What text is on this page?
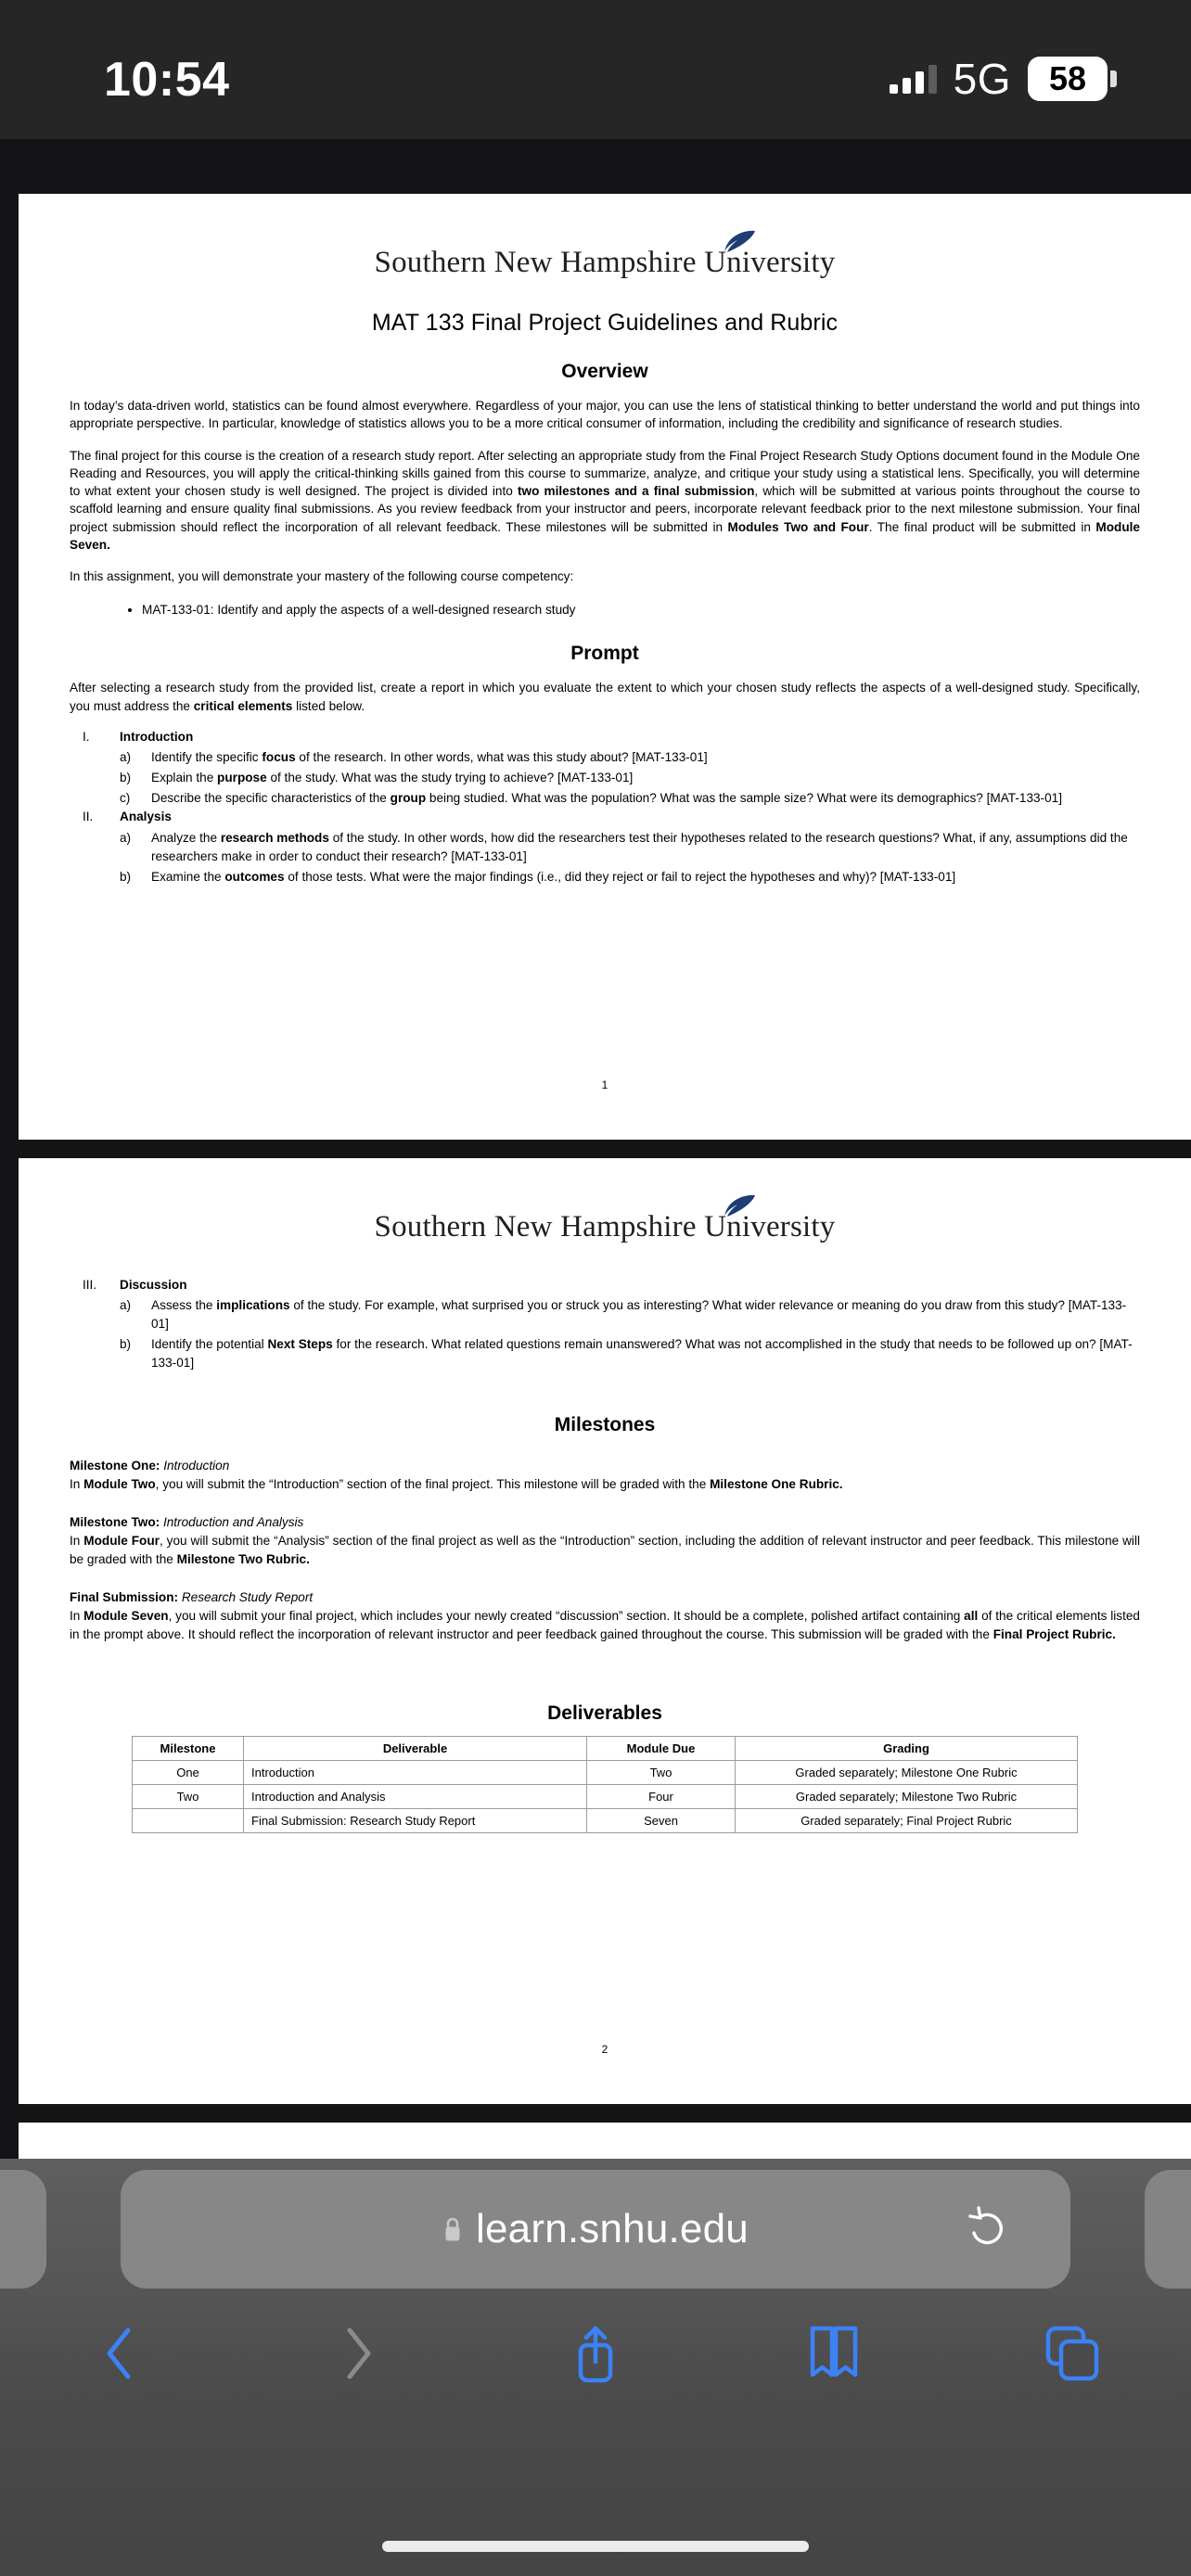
10:54	5G	58
Southern New Hampshire University
MAT 133 Final Project Guidelines and Rubric
Overview

In today’s data-driven world, statistics can be found almost everywhere. Regardless of your major, you can use the lens of statistical thinking to better understand the world and put things into appropriate perspective. In particular, knowledge of statistics allows you to be a more critical consumer of information, including the credibility and significance of research studies.

The final project for this course is the creation of a research study report. After selecting an appropriate study from the Final Project Research Study Options document found in the Module One Reading and Resources, you will apply the critical-thinking skills gained from this course to summarize, analyze, and critique your study using a statistical lens. Specifically, you will determine to what extent your chosen study is well designed. The project is divided into two milestones and a final submission, which will be submitted at various points throughout the course to scaffold learning and ensure quality final submissions. As you review feedback from your instructor and peers, incorporate relevant feedback prior to the next milestone submission. Your final project submission should reflect the incorporation of all relevant feedback. These milestones will be submitted in Modules Two and Four. The final product will be submitted in Module Seven.

In this assignment, you will demonstrate your mastery of the following course competency:

• MAT-133-01: Identify and apply the aspects of a well-designed research study
Prompt

After selecting a research study from the provided list, create a report in which you evaluate the extent to which your chosen study reflects the aspects of a well-designed study. Specifically, you must address the critical elements listed below.

I.	Introduction
a)	Identify the specific focus of the research. In other words, what was this study about? [MAT-133-01]
b)	Explain the purpose of the study. What was the study trying to achieve? [MAT-133-01]
c)	Describe the specific characteristics of the group being studied. What was the population? What was the sample size? What were its demographics? [MAT-133-01]
II.	Analysis
a)	Analyze the research methods of the study. In other words, how did the researchers test their hypotheses related to the research questions? What, if any, assumptions did the researchers make in order to conduct their research? [MAT-133-01]
b)	Examine the outcomes of those tests. What were the major findings (i.e., did they reject or fail to reject the hypotheses and why)? [MAT-133-01]
1
Southern New Hampshire University
III.	Discussion
a)	Assess the implications of the study. For example, what surprised you or struck you as interesting? What wider relevance or meaning do you draw from this study? [MAT-133-01]
b)	Identify the potential Next Steps for the research. What related questions remain unanswered? What was not accomplished in the study that needs to be followed up on? [MAT-133-01]
Milestones
Milestone One: Introduction
In Module Two, you will submit the “Introduction” section of the final project. This milestone will be graded with the Milestone One Rubric.
Milestone Two: Introduction and Analysis
In Module Four, you will submit the “Analysis” section of the final project as well as the “Introduction” section, including the addition of relevant instructor and peer feedback. This milestone will be graded with the Milestone Two Rubric.
Final Submission: Research Study Report
In Module Seven, you will submit your final project, which includes your newly created “discussion” section. It should be a complete, polished artifact containing all of the critical elements listed in the prompt above. It should reflect the incorporation of relevant instructor and peer feedback gained throughout the course. This submission will be graded with the Final Project Rubric.
Deliverables
Milestone	Deliverable	Module Due	Grading
One	Introduction	Two	Graded separately; Milestone One Rubric
Two	Introduction and Analysis	Four	Graded separately; Milestone Two Rubric
	Final Submission: Research Study Report	Seven	Graded separately; Final Project Rubric
2
learn.snhu.edu
